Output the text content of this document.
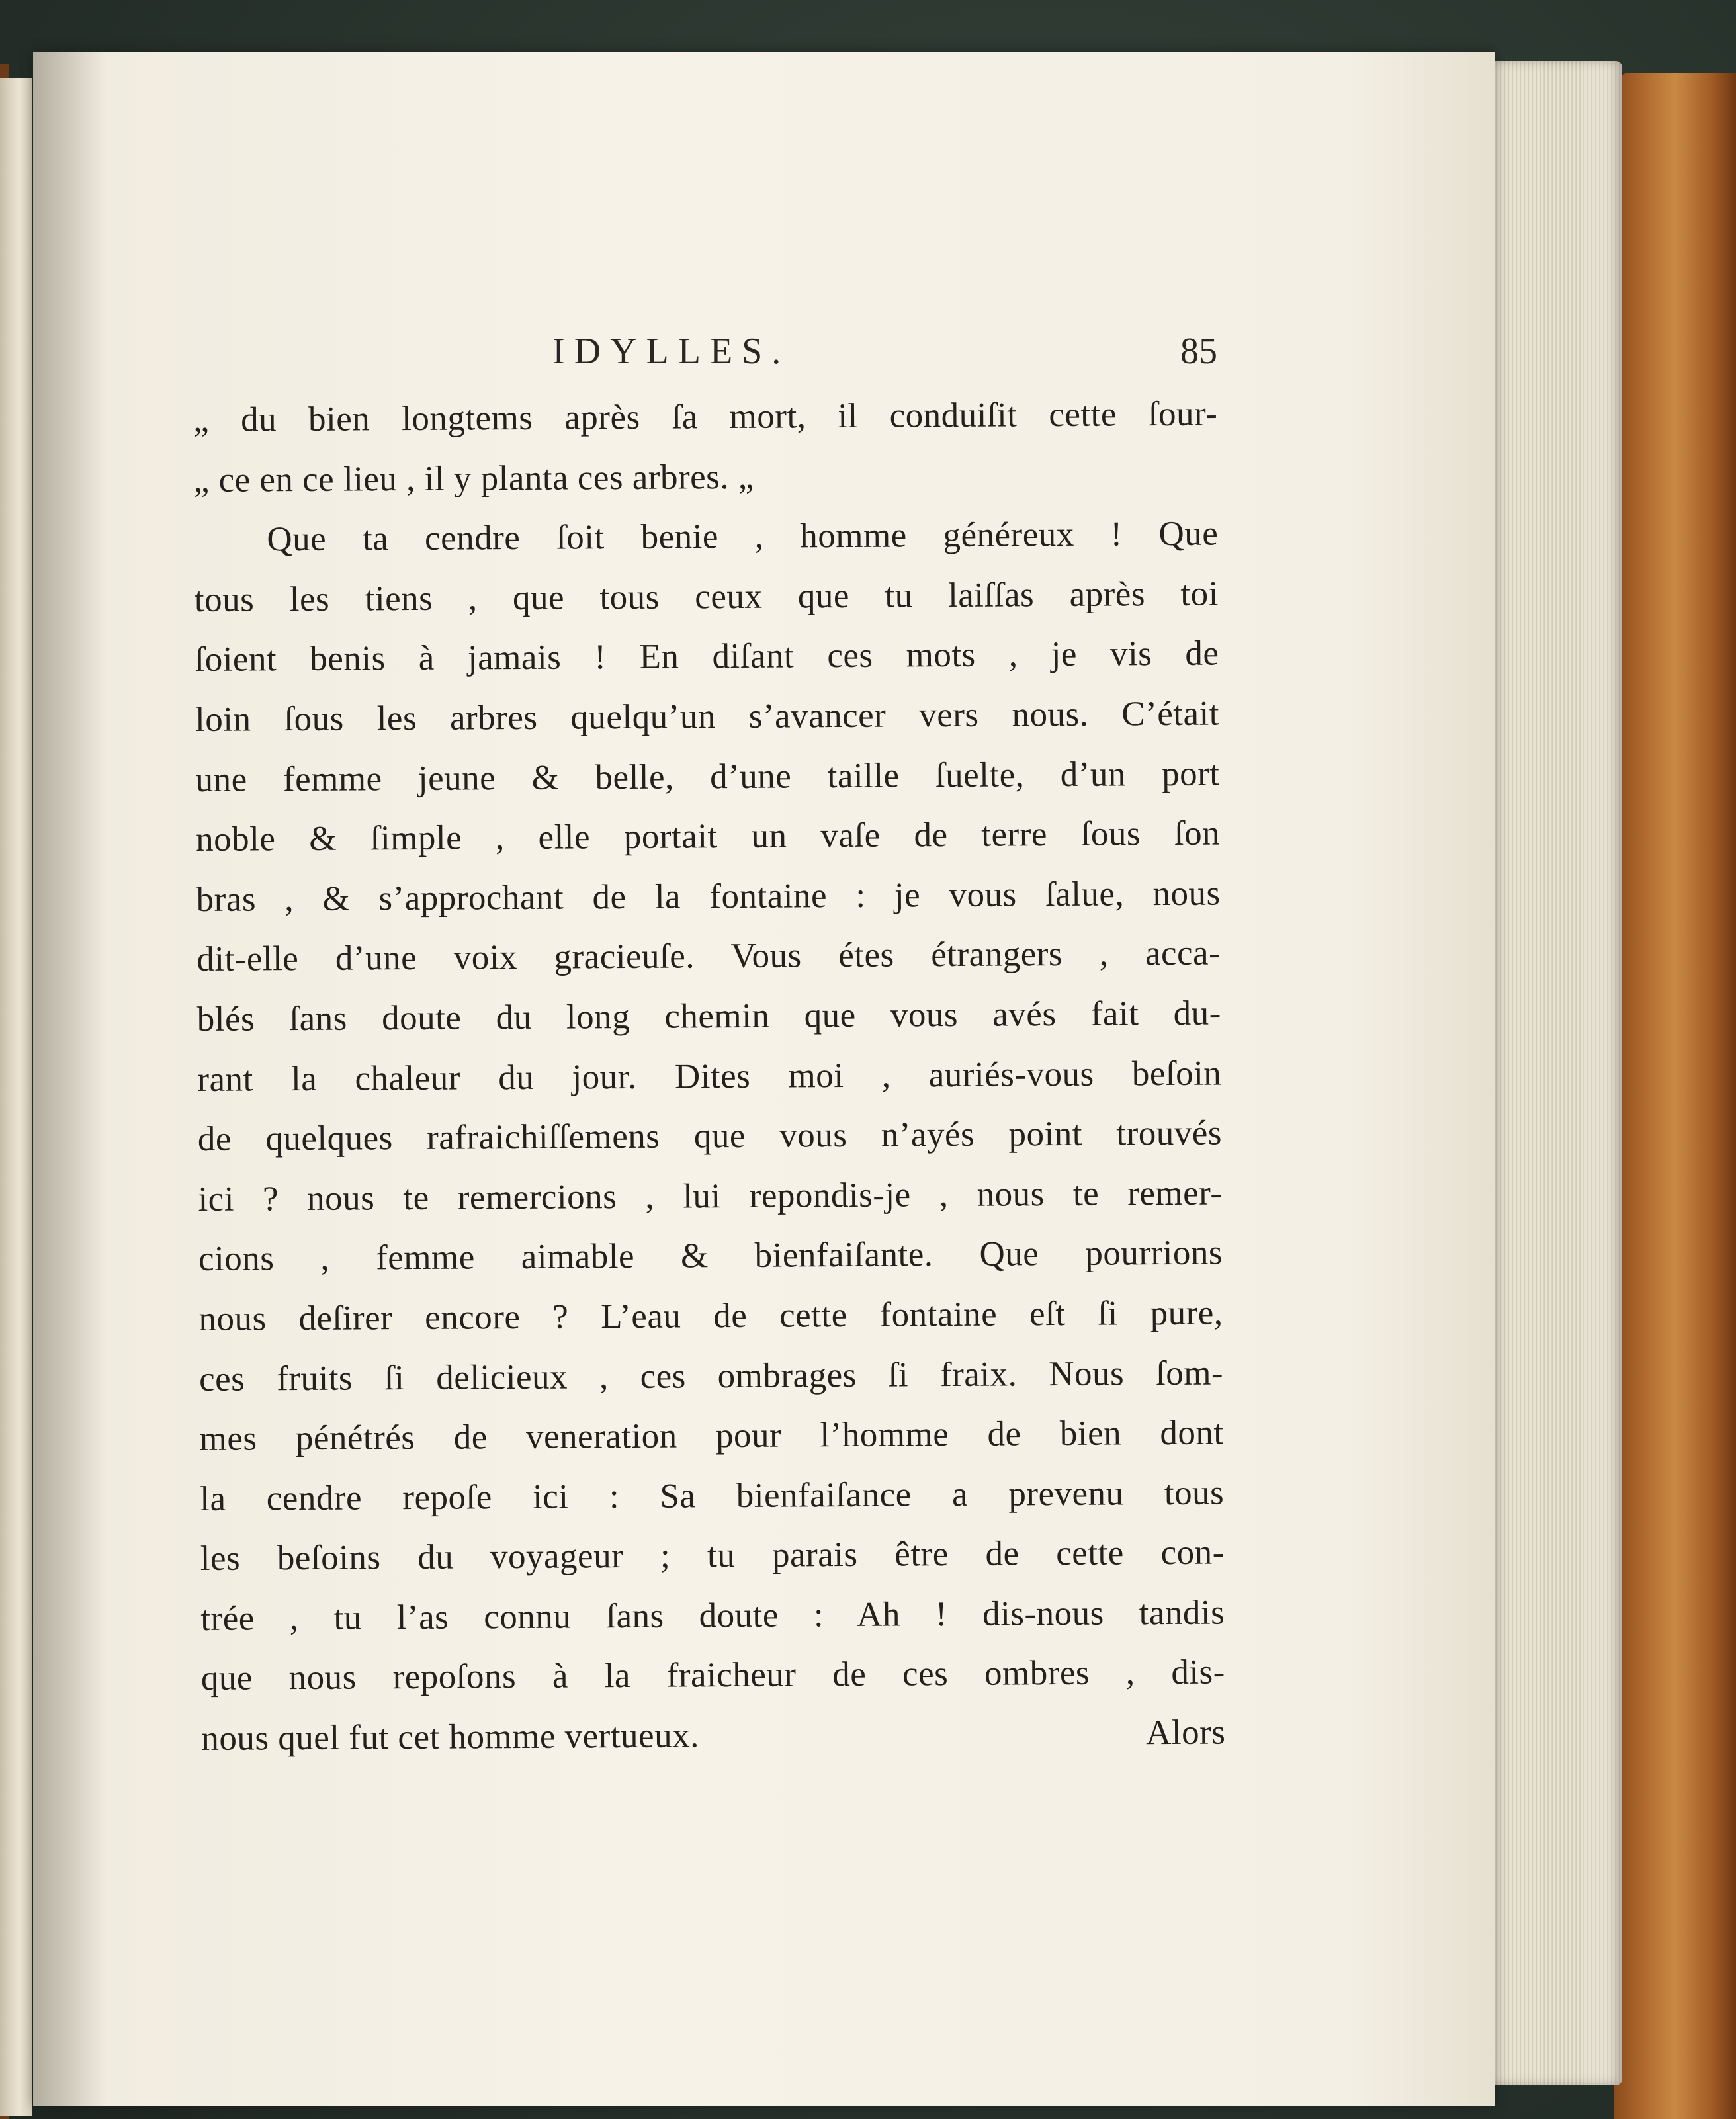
IDYLLES.	85
„ du bien longtems après ſa mort, il conduiſit cette ſour-
„ ce en ce lieu , il y planta ces arbres. „
Que ta cendre ſoit benie , homme généreux ! Que
tous les tiens , que tous ceux que tu laiſſas après toi
ſoient benis à jamais ! En diſant ces mots , je vis de
loin ſous les arbres quelqu’un s’avancer vers nous. C’était
une femme jeune & belle, d’une taille ſuelte, d’un port
noble & ſimple , elle portait un vaſe de terre ſous ſon
bras , & s’approchant de la fontaine : je vous ſalue, nous
dit-elle d’une voix gracieuſe. Vous étes étrangers , acca-
blés ſans doute du long chemin que vous avés fait du-
rant la chaleur du jour. Dites moi , auriés-vous beſoin
de quelques rafraichiſſemens que vous n’ayés point trouvés
ici ? nous te remercions , lui repondis-je , nous te remer-
cions , femme aimable & bienfaiſante. Que pourrions
nous deſirer encore ? L’eau de cette fontaine eſt ſi pure,
ces fruits ſi delicieux , ces ombrages ſi fraix. Nous ſom-
mes pénétrés de veneration pour l’homme de bien dont
la cendre repoſe ici : Sa bienfaiſance a prevenu tous
les beſoins du voyageur ; tu parais être de cette con-
trée , tu l’as connu ſans doute : Ah ! dis-nous tandis
que nous repoſons à la fraicheur de ces ombres , dis-
nous quel fut cet homme vertueux.	Alors
